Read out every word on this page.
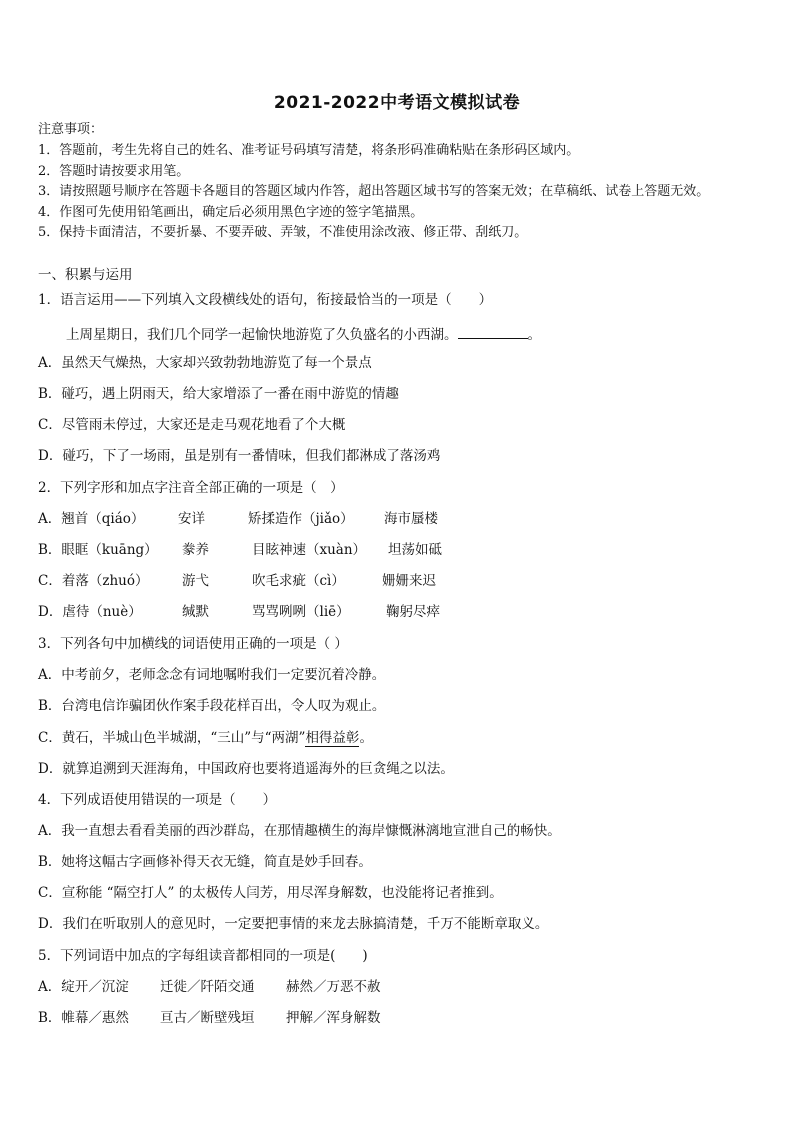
2021-2022中考语文模拟试卷
注意事项：
1．答题前，考生先将自己的姓名、准考证号码填写清楚，将条形码准确粘贴在条形码区域内。
2．答题时请按要求用笔。
3．请按照题号顺序在答题卡各题目的答题区域内作答，超出答题区域书写的答案无效；在草稿纸、试卷上答题无效。
4．作图可先使用铅笔画出，确定后必须用黑色字迹的签字笔描黑。
5．保持卡面清洁，不要折暴、不要弄破、弄皱，不准使用涂改液、修正带、刮纸刀。
一、积累与运用
1．语言运用——下列填入文段横线处的语句，衔接最恰当的一项是（　　）
上周星期日，我们几个同学一起愉快地游览了久负盛名的小西湖。	。
A．虽然天气燥热，大家却兴致勃勃地游览了每一个景点
B．碰巧，遇上阴雨天，给大家增添了一番在雨中游览的情趣
C．尽管雨未停过，大家还是走马观花地看了个大概
D．碰巧，下了一场雨，虽是别有一番情味，但我们都淋成了落汤鸡
2．下列字形和加点字注音全部正确的一项是（　）
A．翘首（qiáo） 安详	矫揉造作（jiǎo） 海市蜃楼
B．眼眶（kuāng） 豢养	目眩神速（xuàn） 坦荡如砥
C．着落（zhuó） 游弋	吹毛求疵（cì）	姗姗来迟
D．虐待（nuè）	缄默	骂骂咧咧（liē）	鞠躬尽瘁
3．下列各句中加横线的词语使用正确的一项是（ ）
A．中考前夕，老师念念有词地嘱咐我们一定要沉着冷静。
B．台湾电信诈骗团伙作案手段花样百出，令人叹为观止。
C．黄石，半城山色半城湖，“三山”与“两湖”相得益彰。
D．就算追溯到天涯海角，中国政府也要将逍遥海外的巨贪绳之以法。
4．下列成语使用错误的一项是（　　）
A．我一直想去看看美丽的西沙群岛，在那情趣横生的海岸慷慨淋漓地宣泄自己的畅快。
B．她将这幅古字画修补得天衣无缝，简直是妙手回春。
C．宣称能 “隔空打人” 的太极传人闫芳，用尽浑身解数，也没能将记者推到。
D．我们在听取别人的意见时，一定要把事情的来龙去脉搞清楚，千万不能断章取义。
5．下列词语中加点的字每组读音都相同的一项是(　　)
A．绽开／沉淀 迁徙／阡陌交通 赫然／万恶不赦
B．帷幕／惠然 亘古／断壁残垣 押解／浑身解数
